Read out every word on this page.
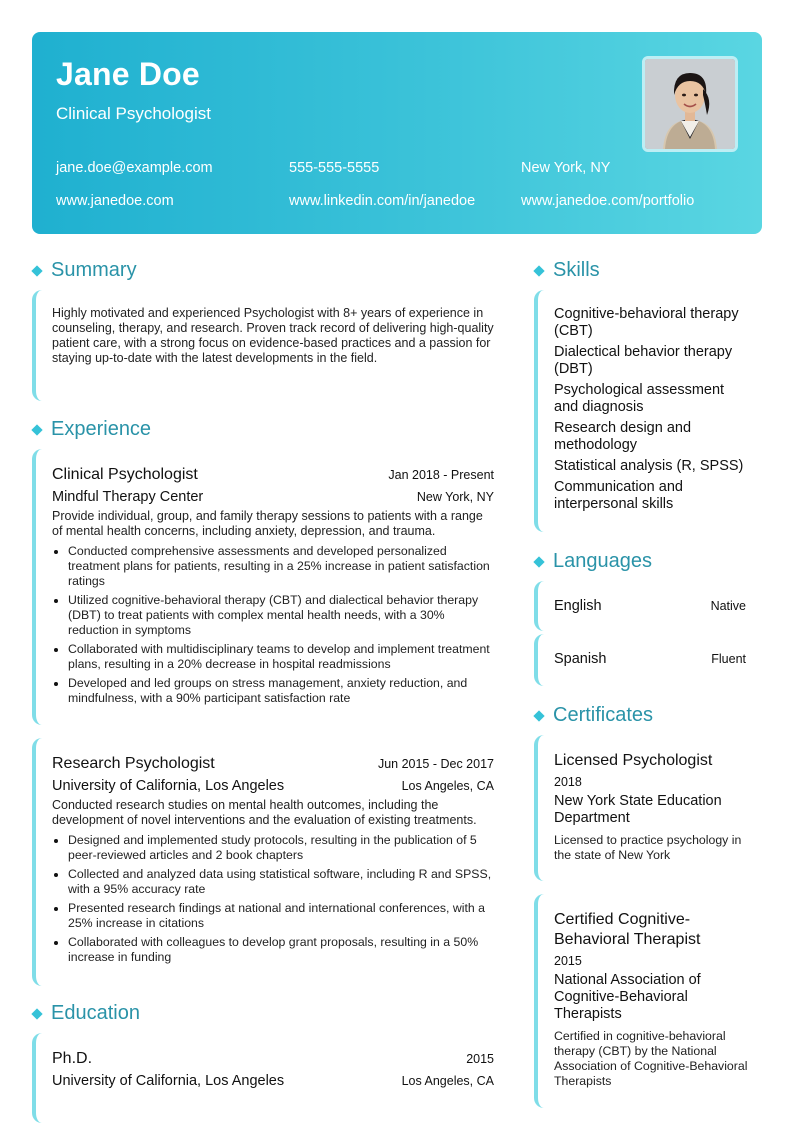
Jane Doe
Clinical Psychologist
jane.doe@example.com	555-555-5555	New York, NY
www.janedoe.com	www.linkedin.com/in/janedoe	www.janedoe.com/portfolio
Summary
Highly motivated and experienced Psychologist with 8+ years of experience in counseling, therapy, and research. Proven track record of delivering high-quality patient care, with a strong focus on evidence-based practices and a passion for staying up-to-date with the latest developments in the field.
Experience
Clinical Psychologist	Jan 2018 - Present
Mindful Therapy Center	New York, NY
Provide individual, group, and family therapy sessions to patients with a range of mental health concerns, including anxiety, depression, and trauma.
Conducted comprehensive assessments and developed personalized treatment plans for patients, resulting in a 25% increase in patient satisfaction ratings
Utilized cognitive-behavioral therapy (CBT) and dialectical behavior therapy (DBT) to treat patients with complex mental health needs, with a 30% reduction in symptoms
Collaborated with multidisciplinary teams to develop and implement treatment plans, resulting in a 20% decrease in hospital readmissions
Developed and led groups on stress management, anxiety reduction, and mindfulness, with a 90% participant satisfaction rate
Research Psychologist	Jun 2015 - Dec 2017
University of California, Los Angeles	Los Angeles, CA
Conducted research studies on mental health outcomes, including the development of novel interventions and the evaluation of existing treatments.
Designed and implemented study protocols, resulting in the publication of 5 peer-reviewed articles and 2 book chapters
Collected and analyzed data using statistical software, including R and SPSS, with a 95% accuracy rate
Presented research findings at national and international conferences, with a 25% increase in citations
Collaborated with colleagues to develop grant proposals, resulting in a 50% increase in funding
Education
Ph.D.	2015
University of California, Los Angeles	Los Angeles, CA
Skills
Cognitive-behavioral therapy (CBT)
Dialectical behavior therapy (DBT)
Psychological assessment and diagnosis
Research design and methodology
Statistical analysis (R, SPSS)
Communication and interpersonal skills
Languages
English	Native
Spanish	Fluent
Certificates
Licensed Psychologist
2018
New York State Education Department
Licensed to practice psychology in the state of New York
Certified Cognitive-Behavioral Therapist
2015
National Association of Cognitive-Behavioral Therapists
Certified in cognitive-behavioral therapy (CBT) by the National Association of Cognitive-Behavioral Therapists
